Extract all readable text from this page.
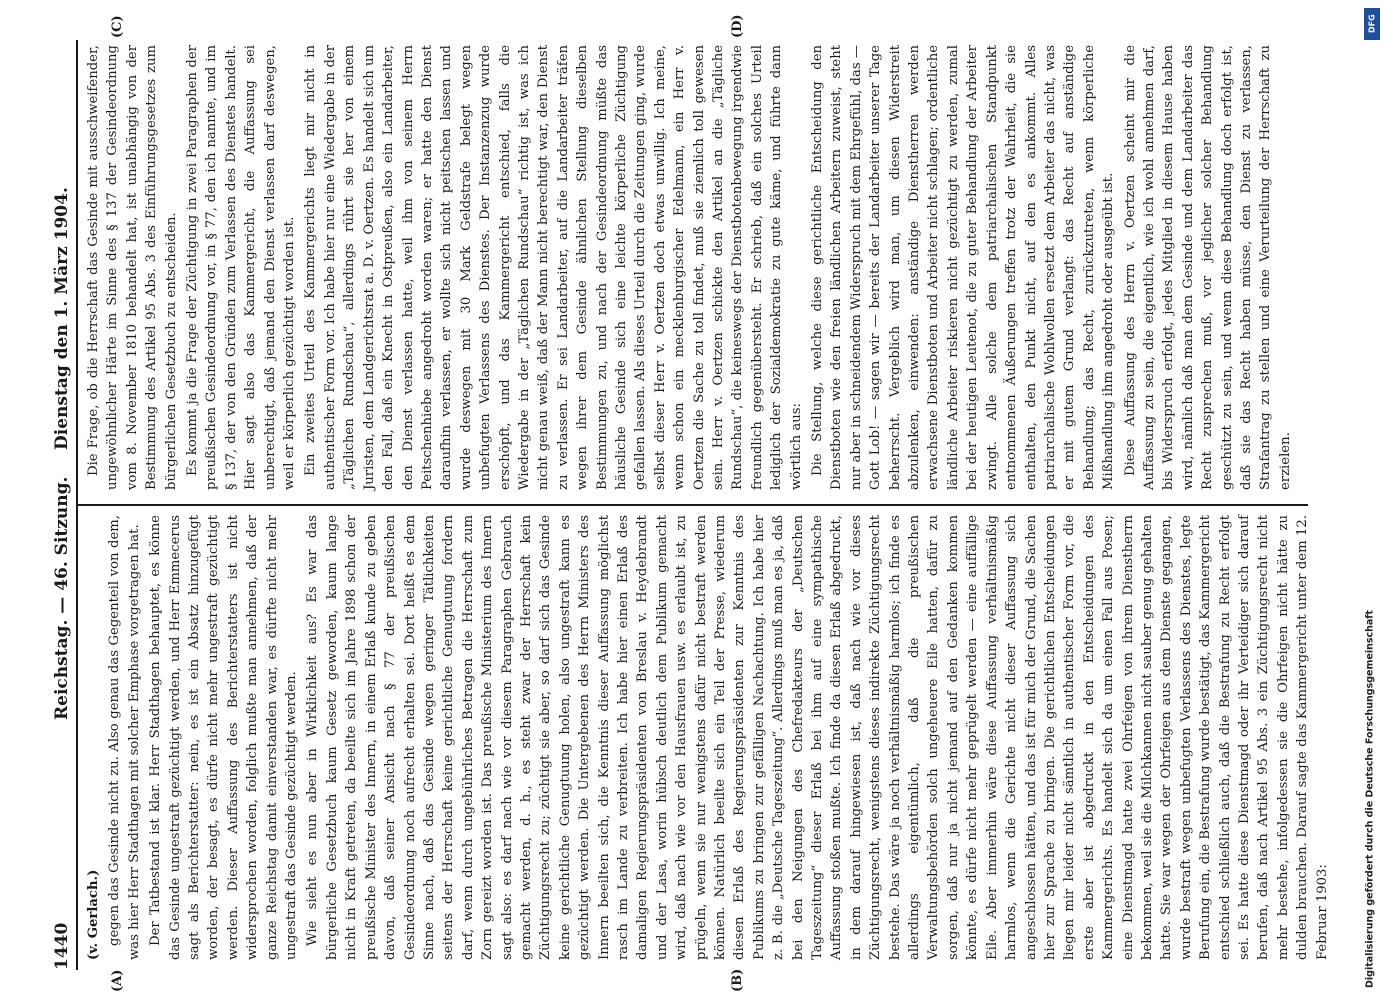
1440
Reichstag. — 46. Sitzung.
Dienstag den 1. März 1904.
(A)	(B)
(C)	(D)

(v. Gerlach.) gegen das Gesinde nicht zu. Also genau das Gegenteil von dem, was hier Herr Stadthagen mit solcher Emphase vorgetragen hat. Der Tatbestand ist klar. Herr Stadthagen behauptet, es könne das Gesinde ungestraft gezüchtigt werden, und Herr Emmecerus sagt als Berichterstatter: nein, es ist ein Absatz hinzugefügt worden, der besagt, es dürfe nicht mehr ungestraft gezüchtigt werden. Dieser Auffassung des Berichterstatters ist nicht widersprochen worden, folglich mußte man annehmen, daß der ganze Reichstag damit einverstanden war, es dürfte nicht mehr ungestraft das Gesinde gezüchtigt werden. Wie sieht es nun aber in Wirklichkeit aus? Es war das bürgerliche Gesetzbuch kaum Gesetz geworden, kaum lange nicht in Kraft getreten, da beeilte sich im Jahre 1898 schon der preußische Minister des Innern, in einem Erlaß kunde zu geben davon, daß seiner Ansicht nach § 77 der preußischen Gesindeordnung noch aufrecht erhalten sei. Dort heißt es dem Sinne nach, daß das Gesinde wegen geringer Tätlichkeiten seitens der Herrschaft keine gerichtliche Genugtuung fordern darf, wenn durch ungebührliches Betragen die Herrschaft zum Zorn gereizt worden ist. Das preußische Ministerium des Innern sagt also: es darf nach wie vor diesem Paragraphen Gebrauch gemacht werden, d. h., es steht zwar der Herrschaft kein Züchtigungsrecht zu; züchtigt sie aber, so darf sich das Gesinde keine gerichtliche Genugtuung holen, also ungestraft kann es gezüchtigt werden. Die Untergebenen des Herrn Ministers des Innern beeilten sich, die Kenntnis dieser Auffassung möglichst rasch im Lande zu verbreiten. Ich habe hier einen Erlaß des damaligen Regierungspräsidenten von Breslau v. Heydebrandt und der Lasa, worin hübsch deutlich dem Publikum gemacht wird, daß nach wie vor den Hausfrauen usw. es erlaubt ist, zu prügeln, wenn sie nur wenigstens dafür nicht bestraft werden können. Natürlich beeilte sich ein Teil der Presse, wiederum diesen Erlaß des Regierungspräsidenten zur Kenntnis des Publikums zu bringen zur gefälligen Nachachtung. Ich habe hier z. B. die „Deutsche Tageszeitung“. Allerdings muß man es ja, daß bei den Neigungen des Chefredakteurs der „Deutschen Tageszeitung“ dieser Erlaß bei ihm auf eine sympathische Auffassung stoßen mußte. Ich finde da diesen Erlaß abgedruckt, in dem darauf hingewiesen ist, daß nach wie vor dieses Züchtigungsrecht, wenigstens dieses indirekte Züchtigungsrecht bestehe. Das wäre ja noch verhältnismäßig harmlos; ich finde es allerdings eigentümlich, daß die preußischen Verwaltungsbehörden solch ungeheuere Eile hatten, dafür zu sorgen, daß nur ja nicht jemand auf den Gedanken kommen könnte, es dürfe nicht mehr geprügelt werden — eine auffällige Eile. Aber immerhin wäre diese Auffassung verhältnismäßig harmlos, wenn die Gerichte nicht dieser Auffassung sich angeschlossen hätten, und das ist für mich der Grund, die Sachen hier zur Sprache zu bringen. Die gerichtlichen Entscheidungen liegen mir leider nicht sämtlich in authentischer Form vor, die erste aber ist abgedruckt in den Entscheidungen des Kammergerichts. Es handelt sich da um einen Fall aus Posen; eine Dienstmagd hatte zwei Ohrfeigen von ihrem Dienstherrn bekommen, weil sie die Milchkannen nicht sauber genug gehalten hatte. Sie war wegen der Ohrfeigen aus dem Dienste gegangen, wurde bestraft wegen unbefugten Verlassens des Dienstes, legte Berufung ein, die Bestrafung wurde bestätigt, das Kammergericht entschied schließlich auch, daß die Bestrafung zu Recht erfolgt sei. Es hatte diese Dienstmagd oder ihr Verteidiger sich darauf berufen, daß nach Artikel 95 Abs. 3 ein Züchtigungsrecht nicht mehr bestehe, infolgedessen sie die Ohrfeigen nicht hätte zu dulden brauchen. Darauf sagte das Kammergericht unter dem 12. Februar 1903:

Die Frage, ob die Herrschaft das Gesinde mit ausschweifender, ungewöhnlicher Härte im Sinne des § 137 der Gesindeordnung vom 8. November 1810 behandelt hat, ist unabhängig von der Bestimmung des Artikel 95 Abs. 3 des Einführungsgesetzes zum bürgerlichen Gesetzbuch zu entscheiden. Es kommt ja die Frage der Züchtigung in zwei Paragraphen der preußischen Gesindeordnung vor, in § 77, den ich nannte, und im § 137, der von den Gründen zum Verlassen des Dienstes handelt. Hier sagt also das Kammergericht, die Auffassung sei unberechtigt, daß jemand den Dienst verlassen darf deswegen, weil er körperlich gezüchtigt worden ist. Ein zweites Urteil des Kammergerichts liegt mir nicht in authentischer Form vor. Ich habe hier nur eine Wiedergabe in der „Täglichen Rundschau“, allerdings rührt sie her von einem Juristen, dem Landgerichtsrat a. D. v. Oertzen. Es handelt sich um den Fall, daß ein Knecht in Ostpreußen, also ein Landarbeiter, den Dienst verlassen hatte, weil ihm von seinem Herrn Peitschenhiebe angedroht worden waren; er hatte den Dienst daraufhin verlassen, er wollte sich nicht peitschen lassen und wurde deswegen mit 30 Mark Geldstrafe belegt wegen unbefugten Verlassens des Dienstes. Der Instanzenzug wurde erschöpft, und das Kammergericht entschied, falls die Wiedergabe in der „Täglichen Rundschau“ richtig ist, was ich nicht genau weiß, daß der Mann nicht berechtigt war, den Dienst zu verlassen. Er sei Landarbeiter, auf die Landarbeiter träfen wegen ihrer dem Gesinde ähnlichen Stellung dieselben Bestimmungen zu, und nach der Gesindeordnung müßte das häusliche Gesinde sich eine leichte körperliche Züchtigung gefallen lassen. Als dieses Urteil durch die Zeitungen ging, wurde selbst dieser Herr v. Oertzen doch etwas unwillig. Ich meine, wenn schon ein mecklenburgischer Edelmann, ein Herr v. Oertzen die Sache zu toll findet, muß sie ziemlich toll gewesen sein. Herr v. Oertzen schickte den Artikel an die „Tägliche Rundschau“, die keineswegs der Dienstbotenbewegung irgendwie freundlich gegenübersteht. Er schrieb, daß ein solches Urteil lediglich der Sozialdemokratie zu gute käme, und führte dann wörtlich aus: Die Stellung, welche diese gerichtliche Entscheidung den Dienstboten wie den freien ländlichen Arbeitern zuweist, steht nur aber in schneidendem Widerspruch mit dem Ehrgefühl, das — Gott Lob! — sagen wir — bereits der Landarbeiter unserer Tage beherrscht. Vergeblich wird man, um diesen Widerstreit abzulenken, einwenden: anständige Dienstherren werden erwachsene Dienstboten und Arbeiter nicht schlagen; ordentliche ländliche Arbeiter riskieren nicht gezüchtigt zu werden, zumal bei der heutigen Leutenot, die zu guter Behandlung der Arbeiter zwingt. Alle solche dem patriarchalischen Standpunkt entnommenen Äußerungen treffen trotz der Wahrheit, die sie enthalten, den Punkt nicht, auf den es ankommt. Alles patriarchalische Wohlwollen ersetzt dem Arbeiter das nicht, was er mit gutem Grund verlangt: das Recht auf anständige Behandlung; das Recht, zurückzutreten, wenn körperliche Mißhandlung ihm angedroht oder ausgeübt ist. Diese Auffassung des Herrn v. Oertzen scheint mir die Auffassung zu sein, die eigentlich, wie ich wohl annehmen darf, bis Widerspruch erfolgt, jedes Mitglied in diesem Hause haben wird, nämlich daß man dem Gesinde und dem Landarbeiter das Recht zusprechen muß, vor jeglicher solcher Behandlung geschützt zu sein, und wenn diese Behandlung doch erfolgt ist, daß sie das Recht haben müsse, den Dienst zu verlassen, Strafantrag zu stellen und eine Verurteilung der Herrschaft zu erzielen.

DFG
Digitalisierung gefördert durch die Deutsche Forschungsgemeinschaft
